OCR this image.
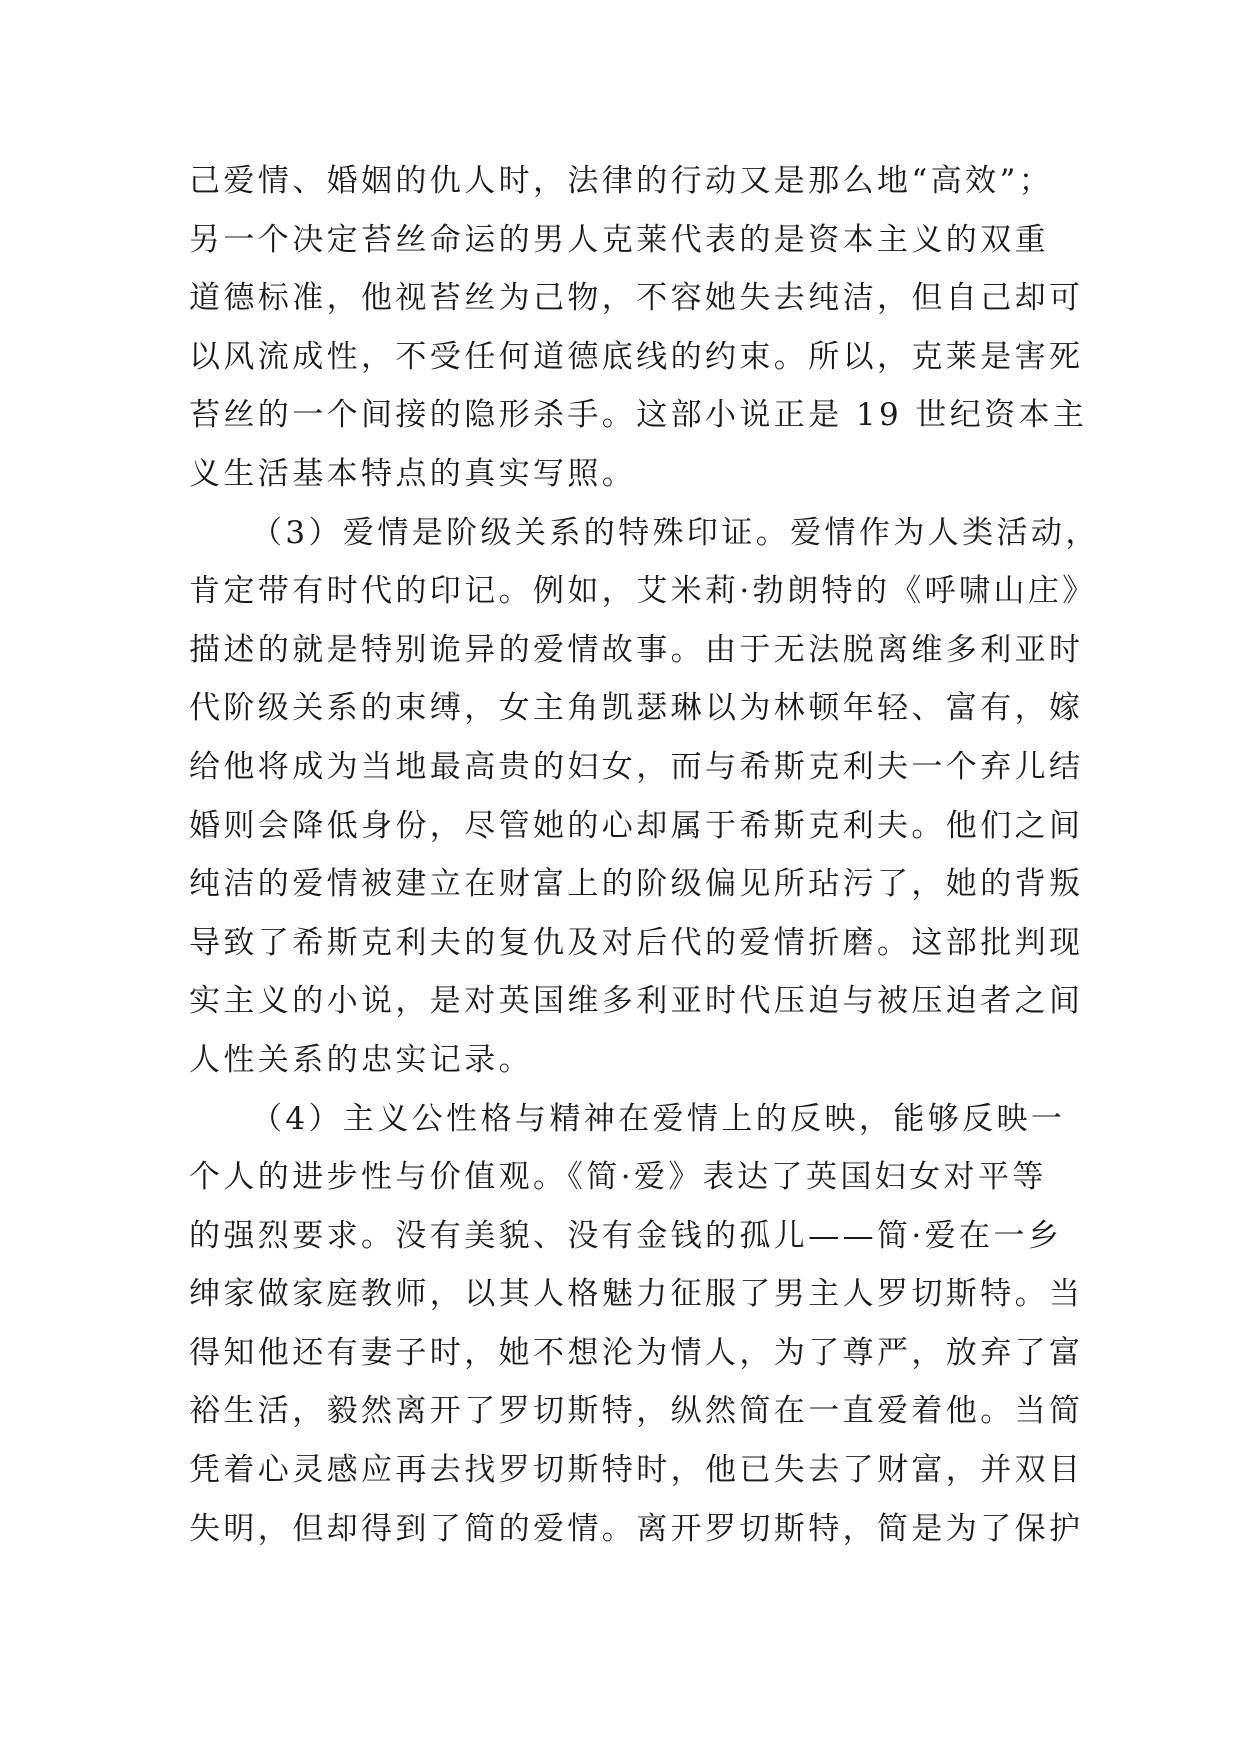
己爱情、婚姻的仇人时，法律的行动又是那么地“高效”；
另一个决定苔丝命运的男人克莱代表的是资本主义的双重
道德标准，他视苔丝为己物，不容她失去纯洁，但自己却可
以风流成性，不受任何道德底线的约束。所以，克莱是害死
苔丝的一个间接的隐形杀手。这部小说正是 19 世纪资本主
义生活基本特点的真实写照。
（3）爱情是阶级关系的特殊印证。爱情作为人类活动，
肯定带有时代的印记。例如，艾米莉·勃朗特的《呼啸山庄》
描述的就是特别诡异的爱情故事。由于无法脱离维多利亚时
代阶级关系的束缚，女主角凯瑟琳以为林顿年轻、富有，嫁
给他将成为当地最高贵的妇女，而与希斯克利夫一个弃儿结
婚则会降低身份，尽管她的心却属于希斯克利夫。他们之间
纯洁的爱情被建立在财富上的阶级偏见所玷污了，她的背叛
导致了希斯克利夫的复仇及对后代的爱情折磨。这部批判现
实主义的小说，是对英国维多利亚时代压迫与被压迫者之间
人性关系的忠实记录。
（4）主义公性格与精神在爱情上的反映，能够反映一
个人的进步性与价值观。《简·爱》表达了英国妇女对平等
的强烈要求。没有美貌、没有金钱的孤儿——简·爱在一乡
绅家做家庭教师，以其人格魅力征服了男主人罗切斯特。当
得知他还有妻子时，她不想沦为情人，为了尊严，放弃了富
裕生活，毅然离开了罗切斯特，纵然简在一直爱着他。当简
凭着心灵感应再去找罗切斯特时，他已失去了财富，并双目
失明，但却得到了简的爱情。离开罗切斯特，简是为了保护
